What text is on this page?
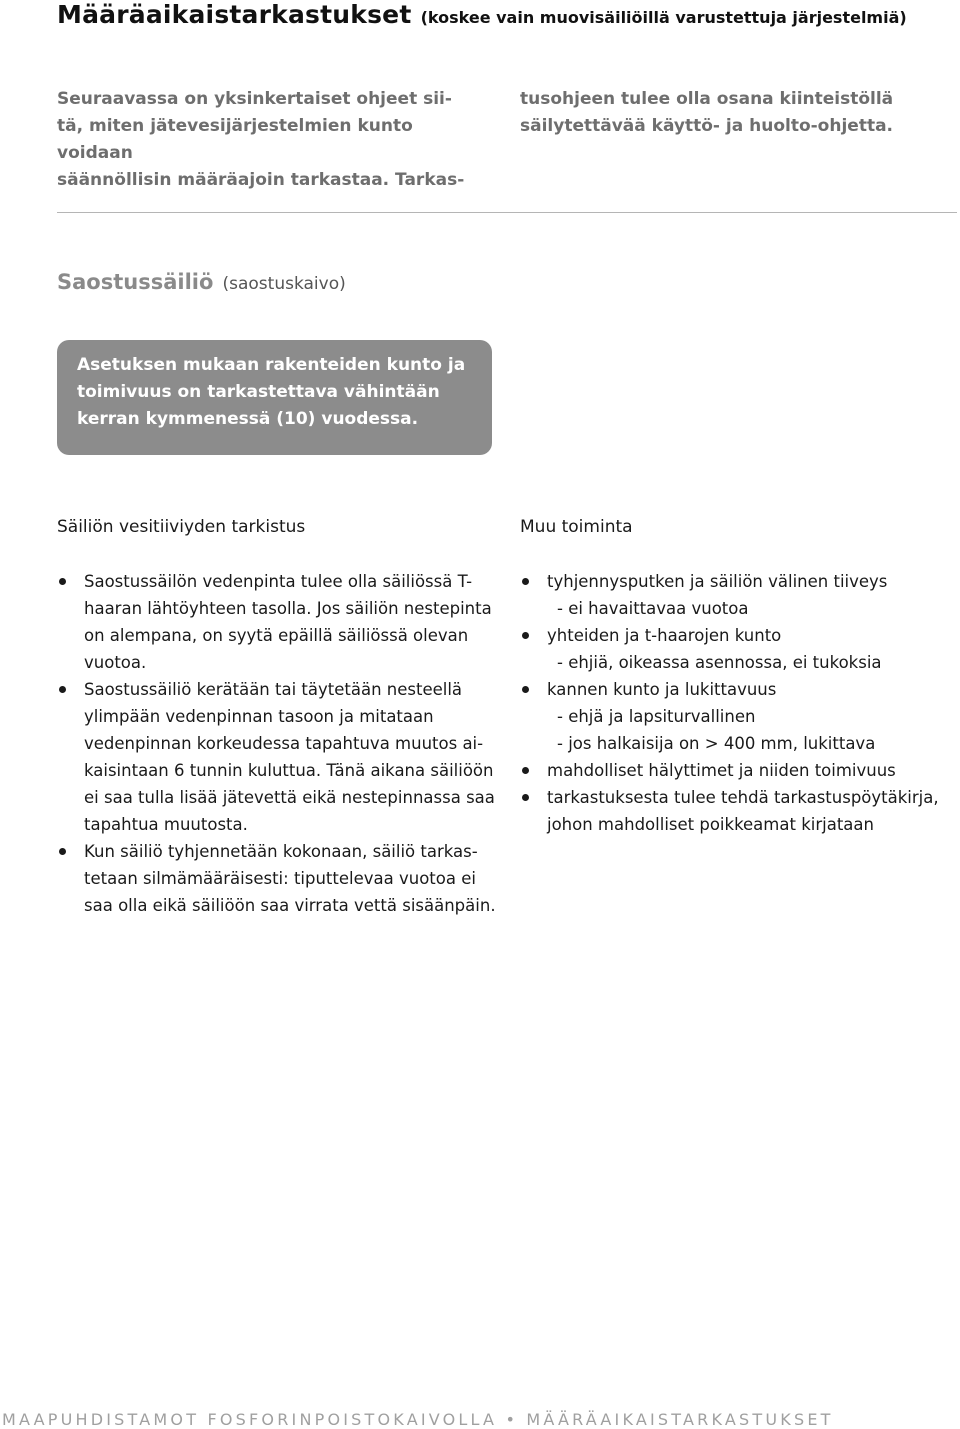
Määräaikaistarkastukset (koskee vain muovisäiliöillä varustettuja järjestelmiä)

Seuraavassa on yksinkertaiset ohjeet sii-

tä, miten jätevesijärjestelmien kunto voidaan

säännöllisin määräajoin tarkastaa. Tarkas-

tusohjeen tulee olla osana kiinteistöllä

säilytettävää käyttö- ja huolto-ohjetta.

Saostussäiliö (saostuskaivo)

Asetuksen mukaan rakenteiden kunto ja

toimivuus on tarkastettava vähintään

kerran kymmenessä (10) vuodessa.

Säiliön vesitiiviyden tarkistus

Saostussäilön vedenpinta tulee olla säiliössä T-
haaran lähtöyhteen tasolla. Jos säiliön nestepinta
on alempana, on syytä epäillä säiliössä olevan
vuotoa.
Saostussäiliö kerätään tai täytetään nesteellä
ylimpään vedenpinnan tasoon ja mitataan
vedenpinnan korkeudessa tapahtuva muutos ai-
kaisintaan 6 tunnin kuluttua. Tänä aikana säiliöön
ei saa tulla lisää jätevettä eikä nestepinnassa saa
tapahtua muutosta.
Kun säiliö tyhjennetään kokonaan, säiliö tarkas-
tetaan silmämääräisesti: tiputtelevaa vuotoa ei
saa olla eikä säiliöön saa virrata vettä sisäänpäin.

Muu toiminta

tyhjennysputken ja säiliön välinen tiiveys
- ei havaittavaa vuotoa
yhteiden ja t-haarojen kunto
- ehjiä, oikeassa asennossa, ei tukoksia
kannen kunto ja lukittavuus
- ehjä ja lapsiturvallinen
- jos halkaisija on > 400 mm, lukittava
mahdolliset hälyttimet ja niiden toimivuus
tarkastuksesta tulee tehdä tarkastuspöytäkirja,
johon mahdolliset poikkeamat kirjataan
MAAPUHDISTAMOT FOSFORINPOISTOKAIVOLLA • MÄÄRÄAIKAISTARKASTUKSET
